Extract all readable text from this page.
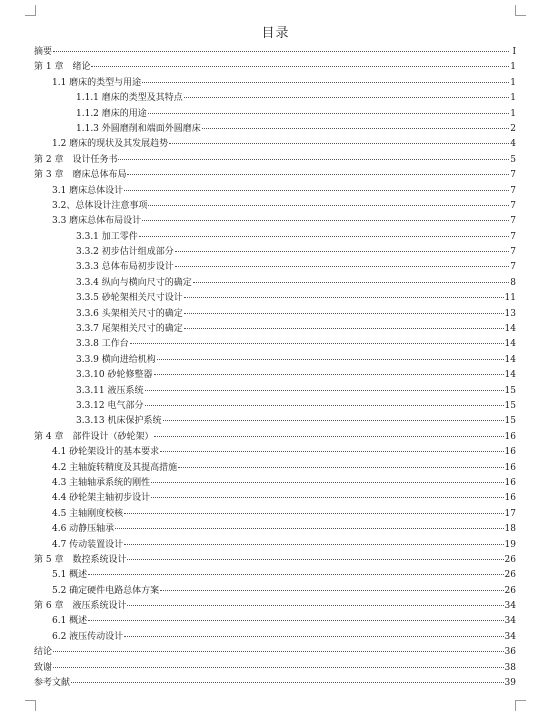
目录
摘要	I
第 1 章　绪论	1
1.1 磨床的类型与用途	1
1.1.1 磨床的类型及其特点	1
1.1.2 磨床的用途	1
1.1.3 外圆磨削和端面外圆磨床	2
1.2 磨床的现状及其发展趋势	4
第 2 章　设计任务书	5
第 3 章　磨床总体布局	7
3.1 磨床总体设计	7
3.2、总体设计注意事项	7
3.3 磨床总体布局设计	7
3.3.1 加工零件	7
3.3.2 初步估计组成部分	7
3.3.3 总体布局初步设计	7
3.3.4 纵向与横向尺寸的确定	8
3.3.5 砂轮架相关尺寸设计	11
3.3.6 头架相关尺寸的确定	13
3.3.7 尾架相关尺寸的确定	14
3.3.8 工作台	14
3.3.9 横向进给机构	14
3.3.10 砂轮修整器	14
3.3.11 液压系统	15
3.3.12 电气部分	15
3.3.13 机床保护系统	15
第 4 章　部件设计（砂轮架）	16
4.1 砂轮架设计的基本要求	16
4.2 主轴旋转精度及其提高措施	16
4.3 主轴轴承系统的刚性	16
4.4 砂轮架主轴初步设计	16
4.5 主轴刚度校核	17
4.6 动静压轴承	18
4.7 传动装置设计	19
第 5 章　数控系统设计	26
5.1 概述	26
5.2 确定硬件电路总体方案	26
第 6 章　液压系统设计	34
6.1 概述	34
6.2 液压传动设计	34
结论	36
致谢	38
参考文献	39
